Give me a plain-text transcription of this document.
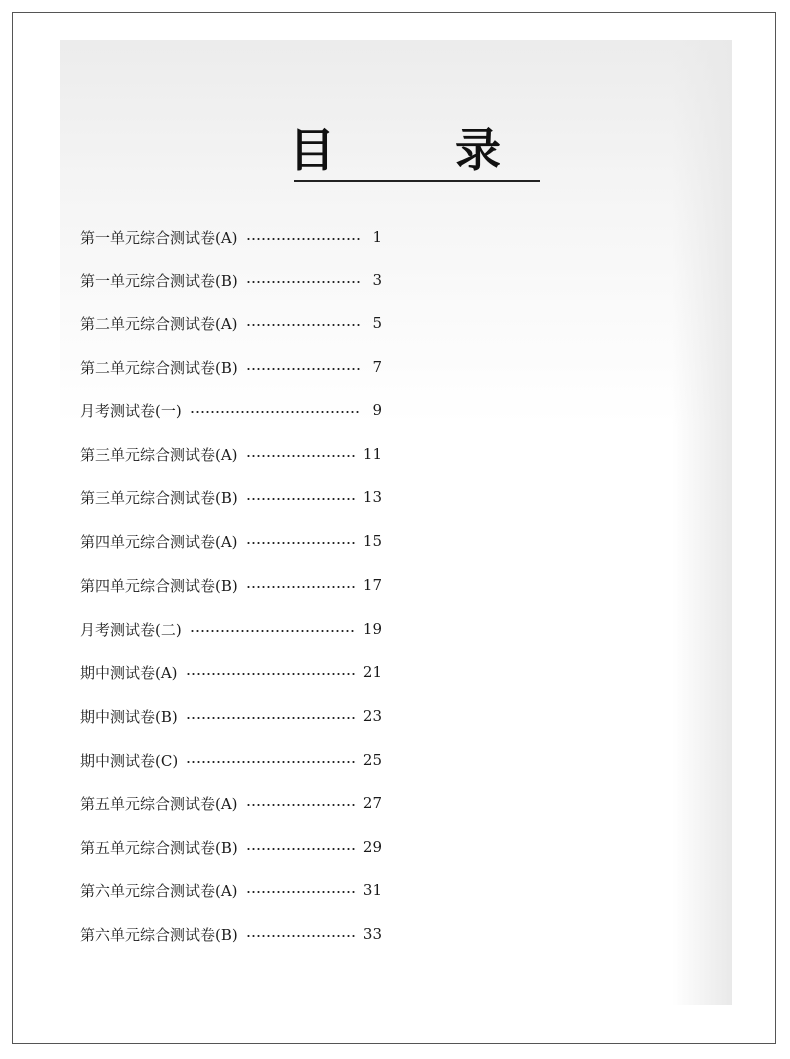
目 录
第一单元综合测试卷(A)	1
第一单元综合测试卷(B)	3
第二单元综合测试卷(A)	5
第二单元综合测试卷(B)	7
月考测试卷(一)	9
第三单元综合测试卷(A)	11
第三单元综合测试卷(B)	13
第四单元综合测试卷(A)	15
第四单元综合测试卷(B)	17
月考测试卷(二)	19
期中测试卷(A)	21
期中测试卷(B)	23
期中测试卷(C)	25
第五单元综合测试卷(A)	27
第五单元综合测试卷(B)	29
第六单元综合测试卷(A)	31
第六单元综合测试卷(B)	33
